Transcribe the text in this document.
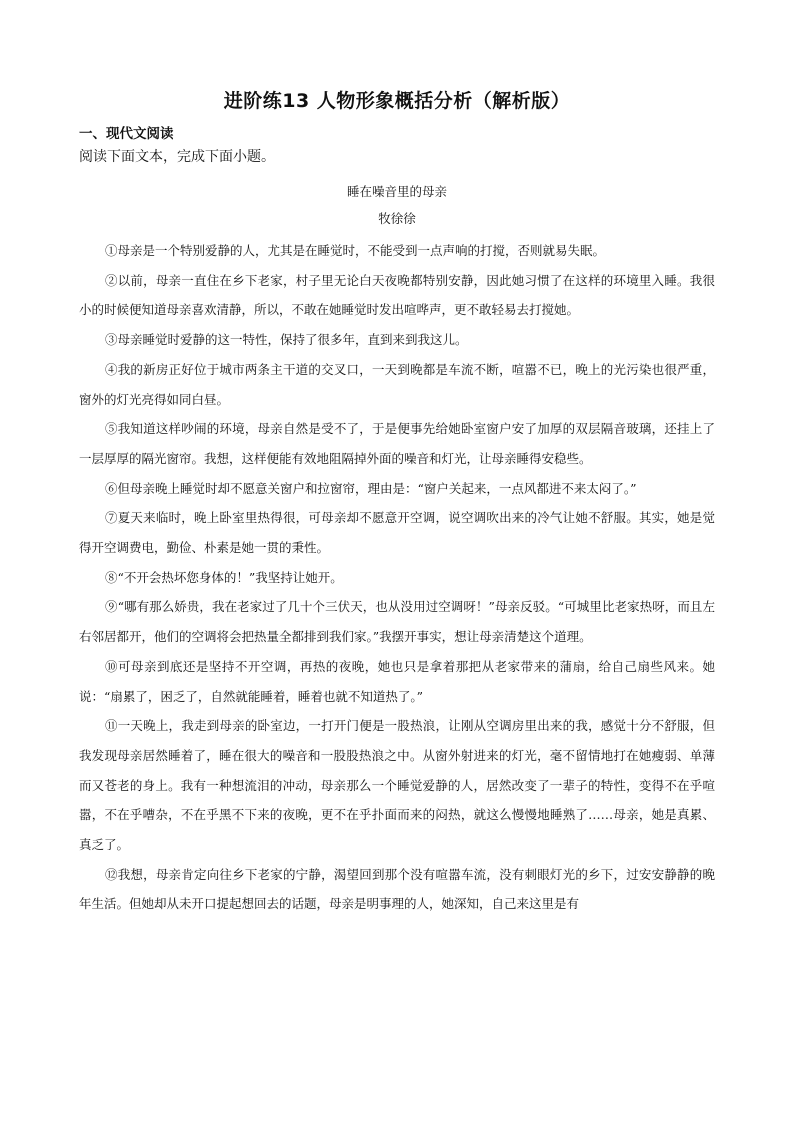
进阶练13 人物形象概括分析（解析版）
一、现代文阅读
阅读下面文本，完成下面小题。
睡在噪音里的母亲
牧徐徐

①母亲是一个特别爱静的人，尤其是在睡觉时，不能受到一点声响的打搅，否则就易失眠。

②以前，母亲一直住在乡下老家，村子里无论白天夜晚都特别安静，因此她习惯了在这样的环境里入睡。我很小的时候便知道母亲喜欢清静，所以，不敢在她睡觉时发出喧哗声，更不敢轻易去打搅她。

③母亲睡觉时爱静的这一特性，保持了很多年，直到来到我这儿。

④我的新房正好位于城市两条主干道的交叉口，一天到晚都是车流不断，喧嚣不已，晚上的光污染也很严重，窗外的灯光亮得如同白昼。

⑤我知道这样吵闹的环境，母亲自然是受不了，于是便事先给她卧室窗户安了加厚的双层隔音玻璃，还挂上了一层厚厚的隔光窗帘。我想，这样便能有效地阻隔掉外面的噪音和灯光，让母亲睡得安稳些。

⑥但母亲晚上睡觉时却不愿意关窗户和拉窗帘，理由是：“窗户关起来，一点风都进不来太闷了。”

⑦夏天来临时，晚上卧室里热得很，可母亲却不愿意开空调，说空调吹出来的冷气让她不舒服。其实，她是觉得开空调费电，勤俭、朴素是她一贯的秉性。

⑧“不开会热坏您身体的！”我坚持让她开。

⑨“哪有那么娇贵，我在老家过了几十个三伏天，也从没用过空调呀！”母亲反驳。“可城里比老家热呀，而且左右邻居都开，他们的空调将会把热量全都排到我们家。”我摆开事实，想让母亲清楚这个道理。

⑩可母亲到底还是坚持不开空调，再热的夜晚，她也只是拿着那把从老家带来的蒲扇，给自己扇些风来。她说：“扇累了，困乏了，自然就能睡着，睡着也就不知道热了。”

⑪一天晚上，我走到母亲的卧室边，一打开门便是一股热浪，让刚从空调房里出来的我，感觉十分不舒服，但我发现母亲居然睡着了，睡在很大的噪音和一股股热浪之中。从窗外射进来的灯光，毫不留情地打在她瘦弱、单薄而又苍老的身上。我有一种想流泪的冲动，母亲那么一个睡觉爱静的人，居然改变了一辈子的特性，变得不在乎喧嚣，不在乎嘈杂，不在乎黑不下来的夜晚，更不在乎扑面而来的闷热，就这么慢慢地睡熟了……母亲，她是真累、真乏了。

⑫我想，母亲肯定向往乡下老家的宁静，渴望回到那个没有喧嚣车流，没有刺眼灯光的乡下，过安安静静的晚年生活。但她却从未开口提起想回去的话题，母亲是明事理的人，她深知，自己来这里是有
